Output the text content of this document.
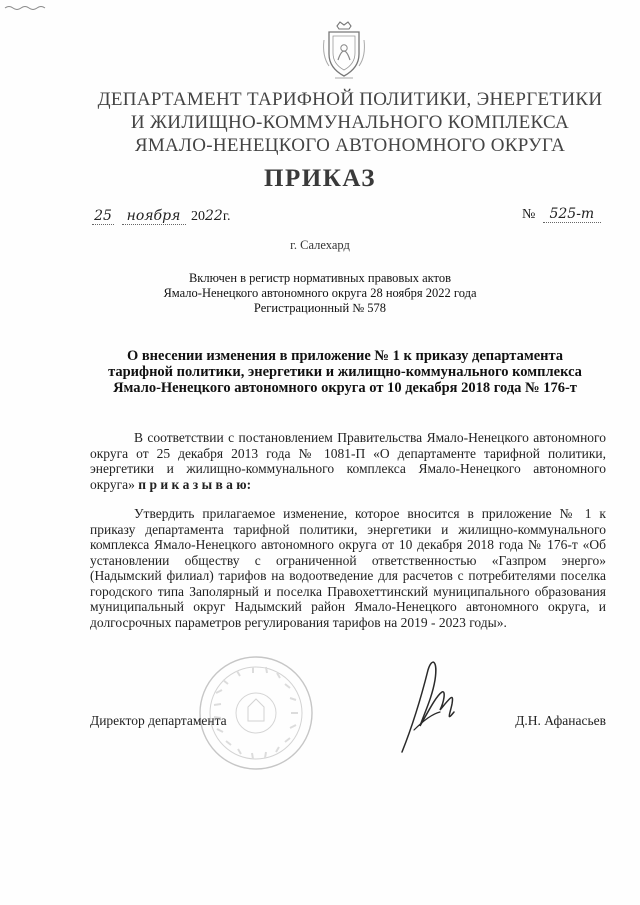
ДЕПАРТАМЕНТ ТАРИФНОЙ ПОЛИТИКИ, ЭНЕРГЕТИКИ
И ЖИЛИЩНО-КОММУНАЛЬНОГО КОМПЛЕКСА
ЯМАЛО-НЕНЕЦКОГО АВТОНОМНОГО ОКРУГА
ПРИКАЗ
25 ноября 2022г.	№ 525-т
г. Салехард
Включен в регистр нормативных правовых актов
Ямало-Ненецкого автономного округа 28 ноября 2022 года
Регистрационный № 578
О внесении изменения в приложение № 1 к приказу департамента
тарифной политики, энергетики и жилищно-коммунального комплекса
Ямало-Ненецкого автономного округа от 10 декабря 2018 года № 176-т
В соответствии с постановлением Правительства Ямало-Ненецкого автономного округа от 25 декабря 2013 года № 1081-П «О департаменте тарифной политики, энергетики и жилищно-коммунального комплекса Ямало-Ненецкого автономного округа» п р и к а з ы в а ю:
Утвердить прилагаемое изменение, которое вносится в приложение № 1 к приказу департамента тарифной политики, энергетики и жилищно-коммунального комплекса Ямало-Ненецкого автономного округа от 10 декабря 2018 года № 176-т «Об установлении обществу с ограниченной ответственностью «Газпром энерго» (Надымский филиал) тарифов на водоотведение для расчетов с потребителями поселка городского типа Заполярный и поселка Правохеттинский муниципального образования муниципальный округ Надымский район Ямало-Ненецкого автономного округа, и долгосрочных параметров регулирования тарифов на 2019 - 2023 годы».
Директор департамента	Д.Н. Афанасьев
